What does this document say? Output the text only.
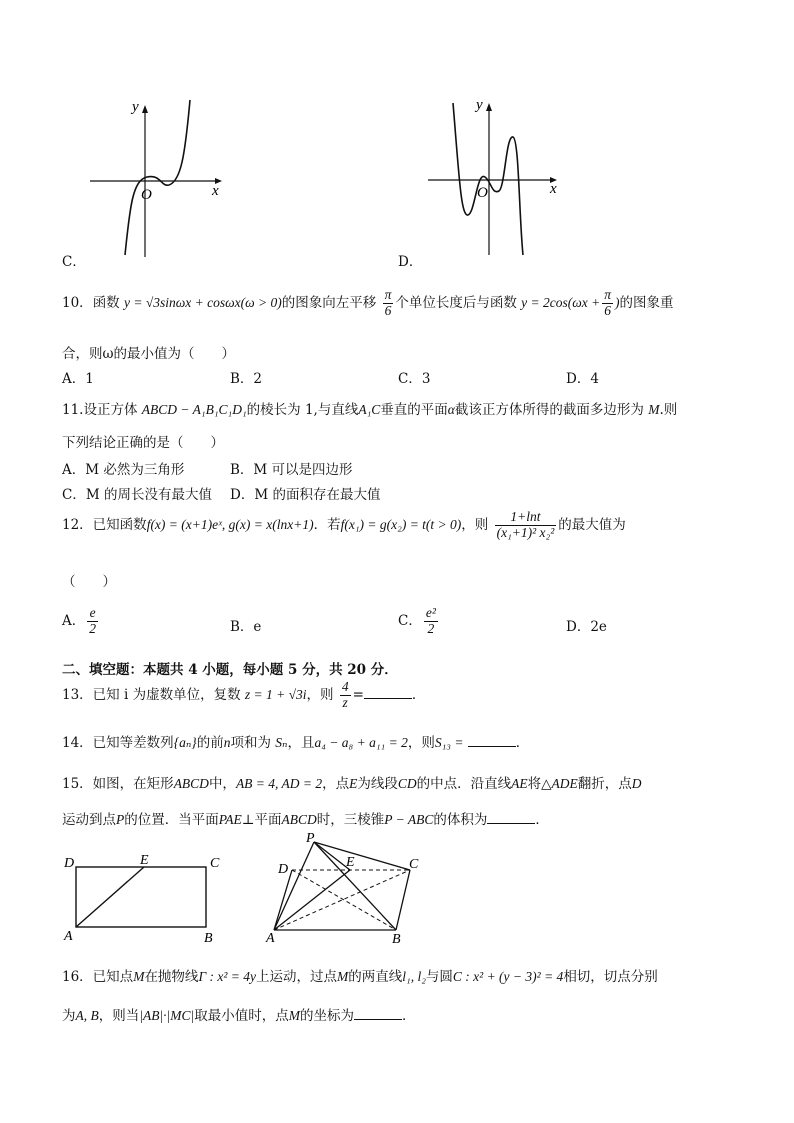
y
x
O
C．
y
x
O
D．
10．函数 y = √3sinωx + cosωx(ω > 0)的图象向左平移 $\frac{\pi}{6}$ 个单位长度后与函数 $y = 2\cos(\omega x + \frac{\pi}{6}$ )的图象重
合，则ω的最小值为（　　）
A．1	B．2	C．3	D．4
11.设正方体 ABCD − A₁B₁C₁D₁的棱长为 1,与直线A₁C垂直的平面α截该正方体所得的截面多边形为 M.则
下列结论正确的是（　　）
A．M 必然为三角形	B．M 可以是四边形
C．M 的周长没有最大值 D．M 的面积存在最大值
12．已知函数f(x) = (x+1)eˣ, g(x) = x(lnx+1)．若f(x₁) = g(x₂) = t(t > 0)，则 $\frac{1+\ln t}{\text{(x₁+1)² x₂²}}$ 的最大值为
（　　）
A． $\frac{e}{2}$	B．e	C． $\frac{\text{e²}}{2}$	D．2e
二、填空题：本题共 4 小题，每小题 5 分，共 20 分．
13．已知 i 为虚数单位，复数 z = 1 + √3i，则 $\frac{4}{z}$ =	．
14．已知等差数列{aₙ}的前n项和为 Sₙ，且a₄ − a₈ + a₁₁ = 2，则S₁₃ =	．
15．如图，在矩形ABCD中，AB = 4, AD = 2，点E为线段CD的中点．沿直线AE将△ADE翻折，点D
运动到点P的位置．当平面PAE⊥平面ABCD时，三棱锥P − ABC的体积为	．
D	E	C
A	B
P
D	E	C
A	B
16．已知点M在抛物线Γ : x² = 4y上运动，过点M的两直线l₁, l₂与圆C : x² + (y − 3)² = 4相切，切点分别
为A, B，则当|AB|·|MC|取最小值时，点M的坐标为	．
